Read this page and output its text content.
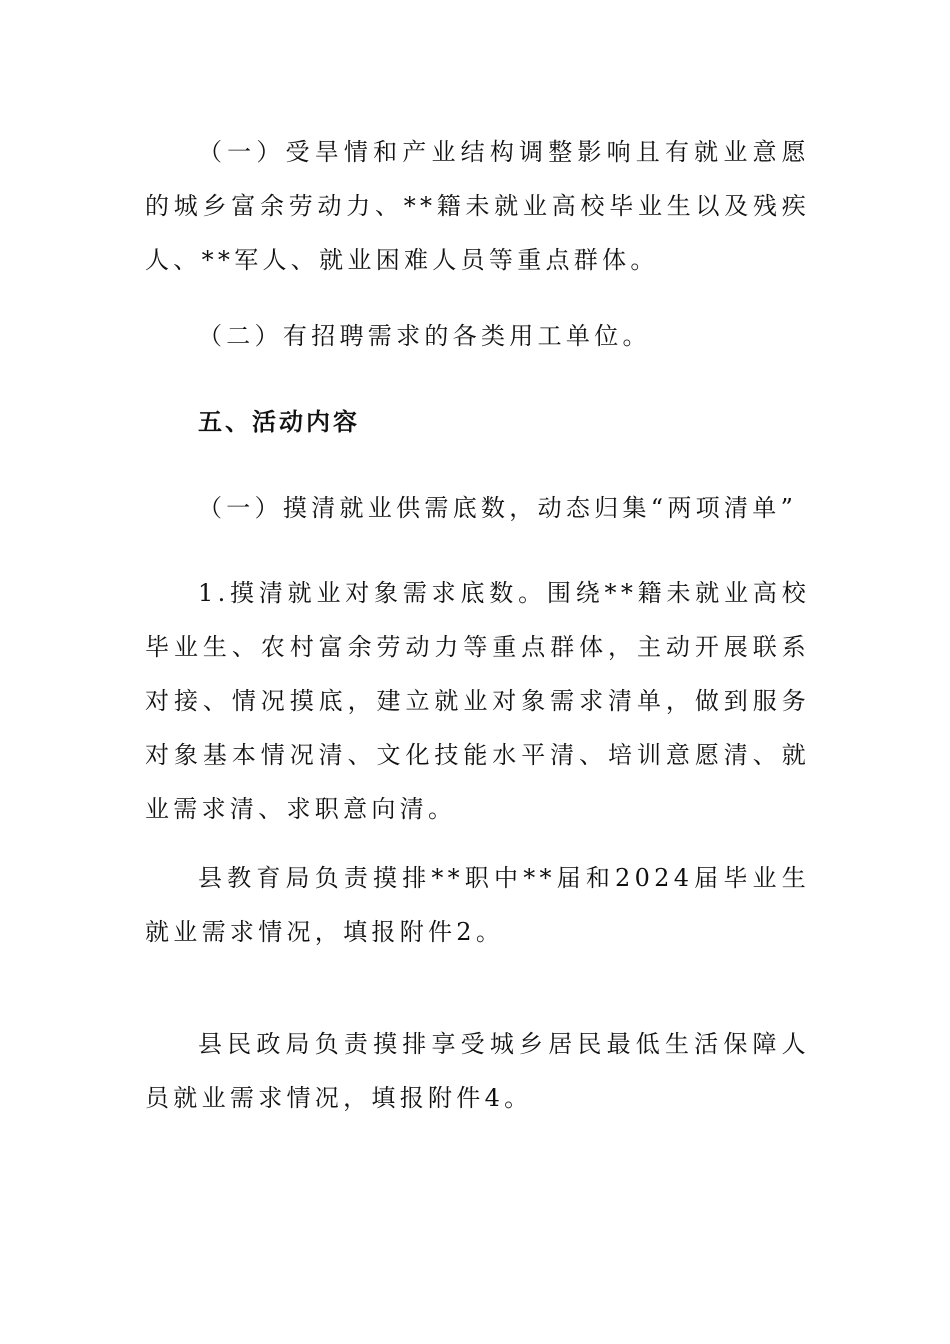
（一）受旱情和产业结构调整影响且有就业意愿的城乡富余劳动力、**籍未就业高校毕业生以及残疾人、**军人、就业困难人员等重点群体。

（二）有招聘需求的各类用工单位。

五、活动内容

（一）摸清就业供需底数，动态归集“两项清单”

1.摸清就业对象需求底数。围绕**籍未就业高校毕业生、农村富余劳动力等重点群体，主动开展联系对接、情况摸底，建立就业对象需求清单，做到服务对象基本情况清、文化技能水平清、培训意愿清、就业需求清、求职意向清。

县教育局负责摸排**职中**届和2024届毕业生就业需求情况，填报附件2。

县民政局负责摸排享受城乡居民最低生活保障人员就业需求情况，填报附件4。
